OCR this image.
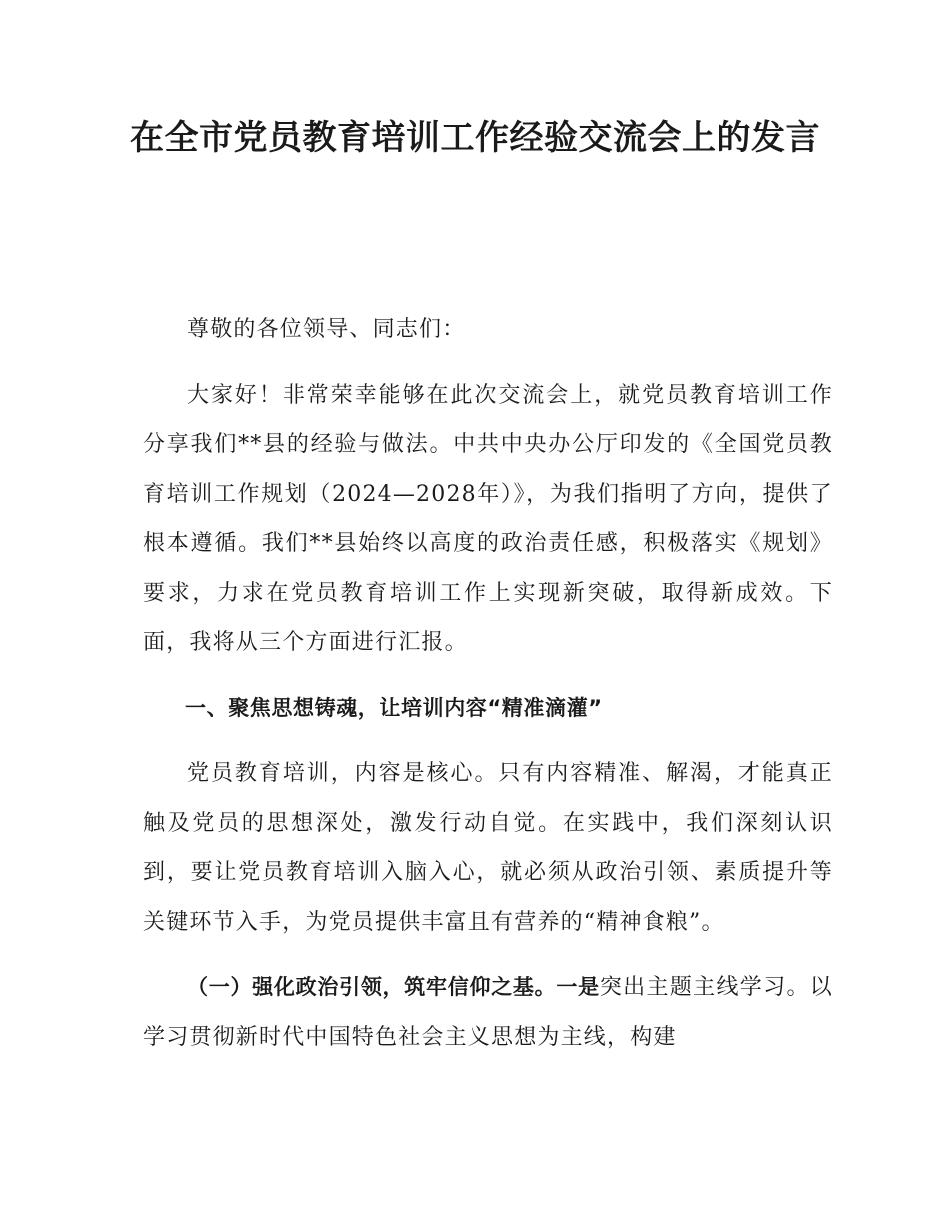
在全市党员教育培训工作经验交流会上的发言

尊敬的各位领导、同志们：

大家好！非常荣幸能够在此次交流会上，就党员教育培训工作分享我们**县的经验与做法。中共中央办公厅印发的《全国党员教育培训工作规划（2024—2028年）》，为我们指明了方向，提供了根本遵循。我们**县始终以高度的政治责任感，积极落实《规划》要求，力求在党员教育培训工作上实现新突破，取得新成效。下面，我将从三个方面进行汇报。

一、聚焦思想铸魂，让培训内容“精准滴灌”

党员教育培训，内容是核心。只有内容精准、解渴，才能真正触及党员的思想深处，激发行动自觉。在实践中，我们深刻认识到，要让党员教育培训入脑入心，就必须从政治引领、素质提升等关键环节入手，为党员提供丰富且有营养的“精神食粮”。

（一）强化政治引领，筑牢信仰之基。一是突出主题主线学习。以学习贯彻新时代中国特色社会主义思想为主线，构建
